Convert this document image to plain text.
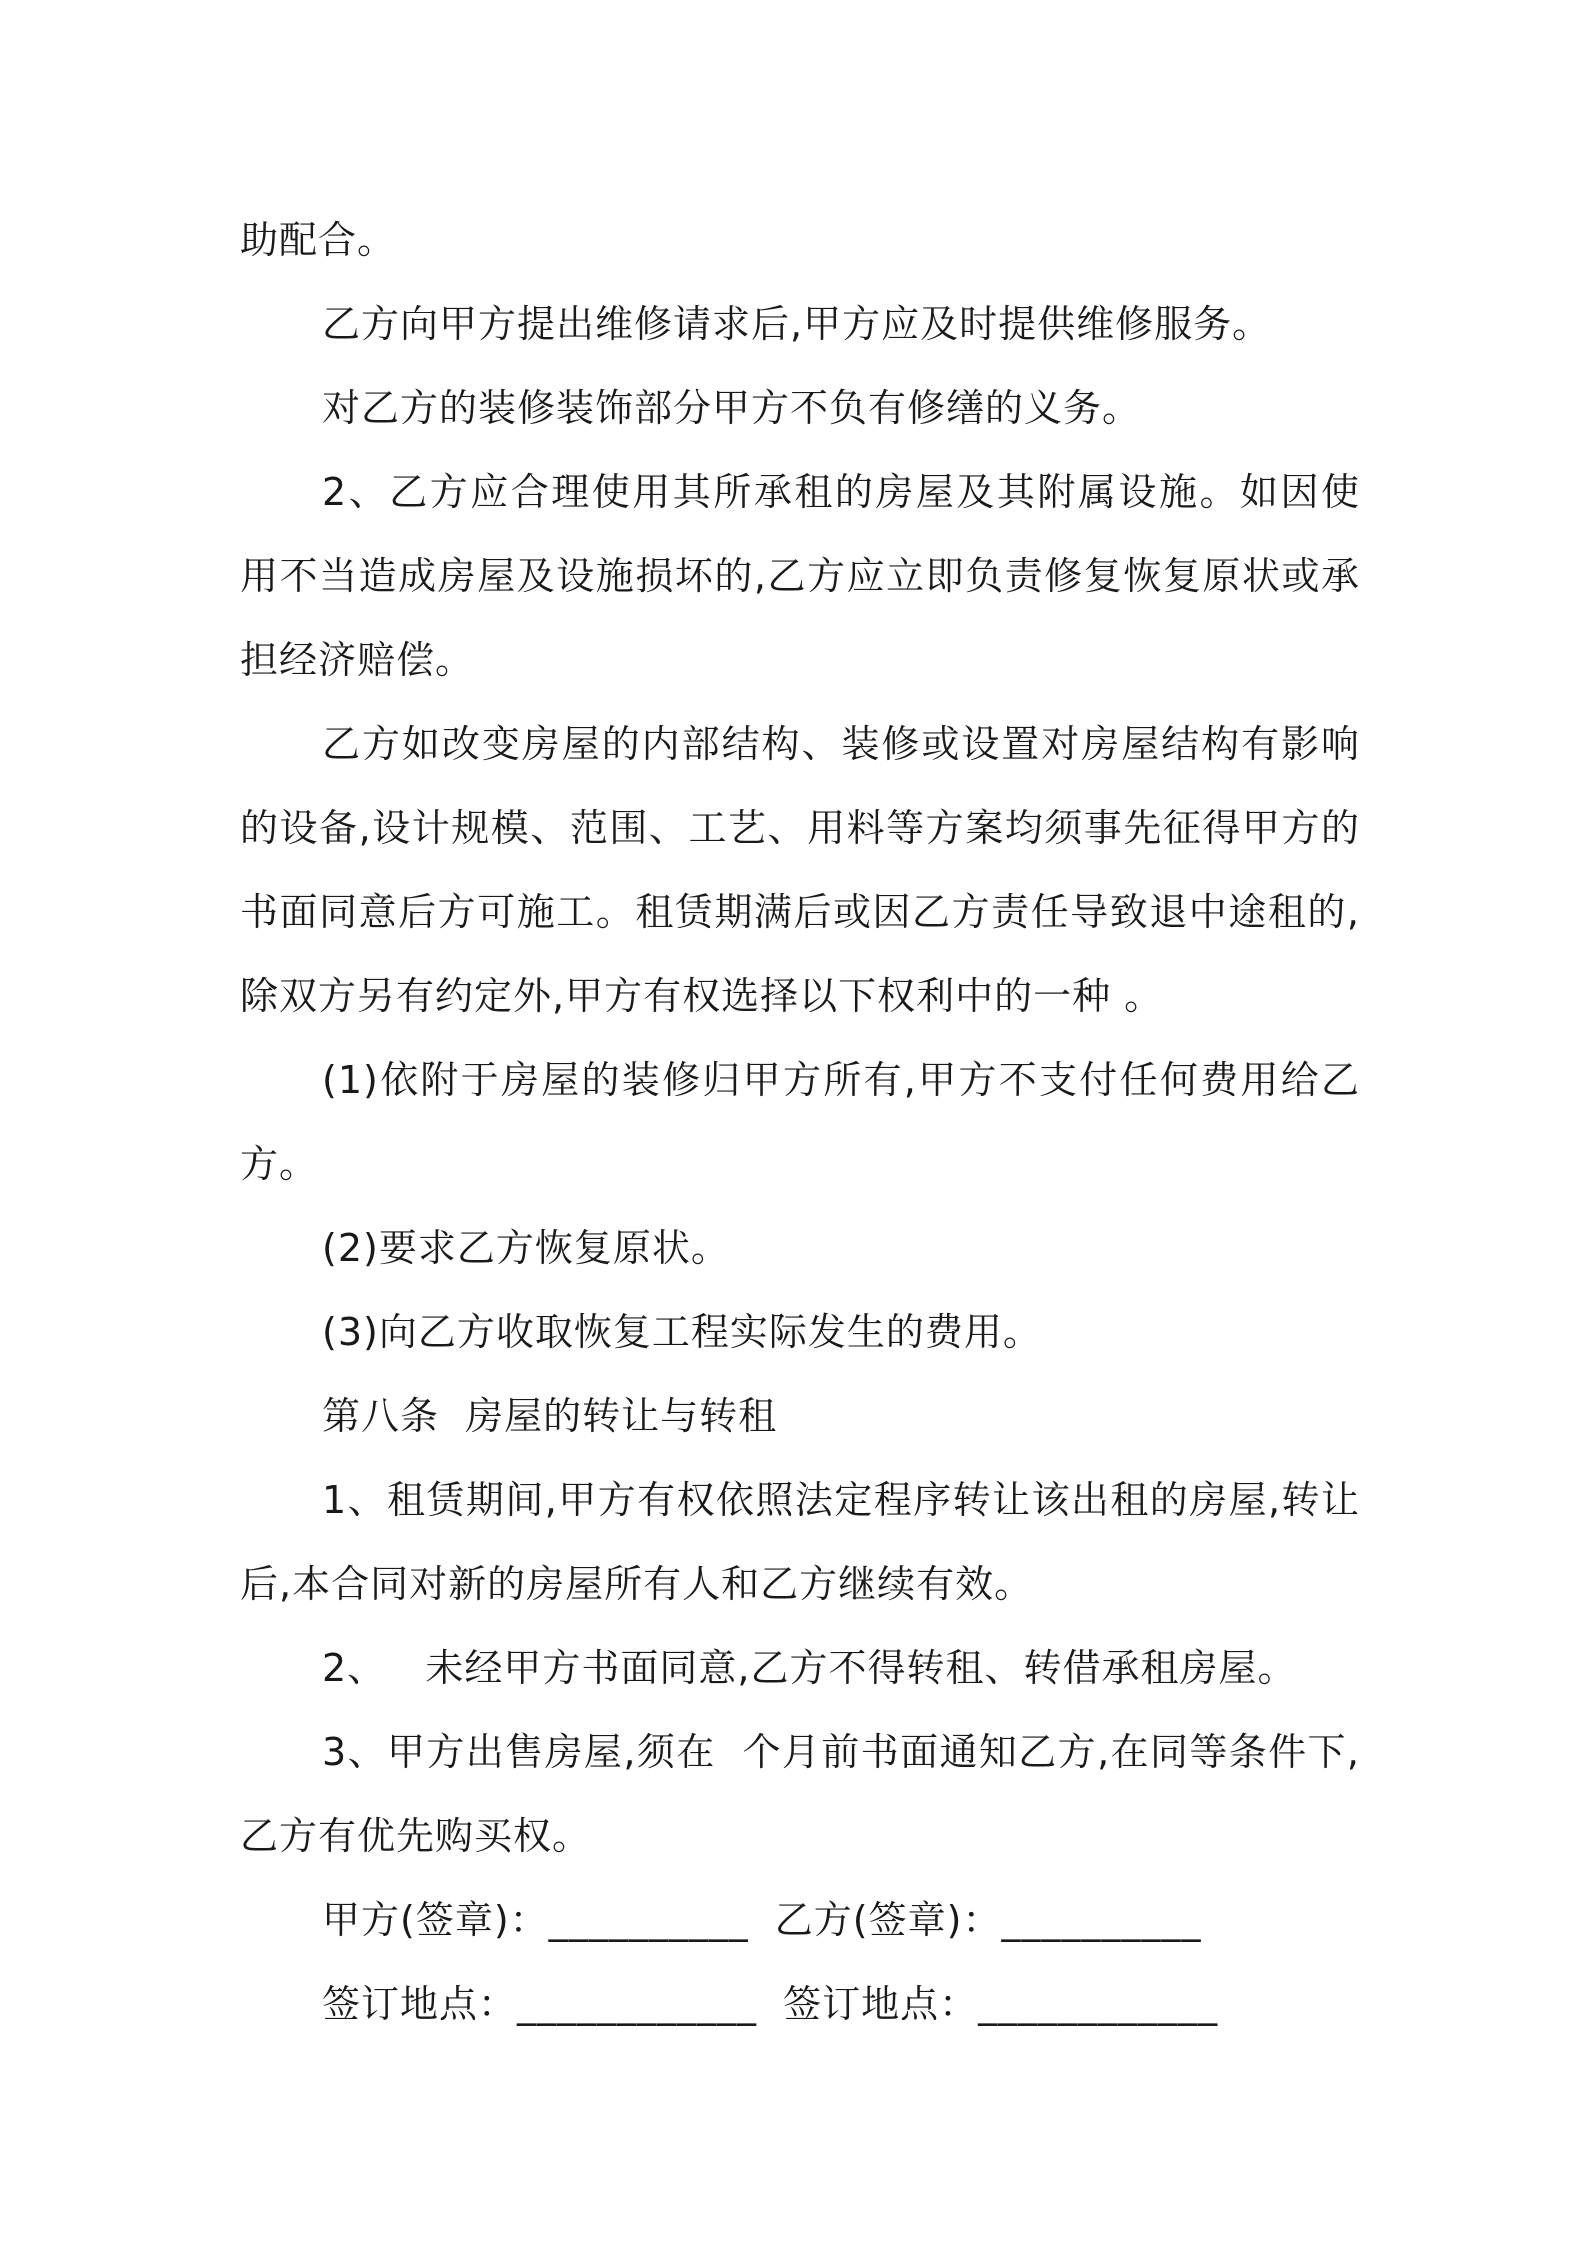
助配合。

乙方向甲方提出维修请求后,甲方应及时提供维修服务。

对乙方的装修装饰部分甲方不负有修缮的义务。

2、乙方应合理使用其所承租的房屋及其附属设施。如因使用不当造成房屋及设施损坏的,乙方应立即负责修复恢复原状或承担经济赔偿。

乙方如改变房屋的内部结构、装修或设置对房屋结构有影响的设备,设计规模、范围、工艺、用料等方案均须事先征得甲方的书面同意后方可施工。租赁期满后或因乙方责任导致退中途租的,除双方另有约定外,甲方有权选择以下权利中的一种 。

(1)依附于房屋的装修归甲方所有,甲方不支付任何费用给乙方。

(2)要求乙方恢复原状。

(3)向乙方收取恢复工程实际发生的费用。

第八条  房屋的转让与转租

1、租赁期间,甲方有权依照法定程序转让该出租的房屋,转让后,本合同对新的房屋所有人和乙方继续有效。

2、   未经甲方书面同意,乙方不得转租、转借承租房屋。

3、甲方出售房屋,须在  个月前书面通知乙方,在同等条件下,乙方有优先购买权。

甲方(签章)：__________  乙方(签章)：__________

签订地点：____________  签订地点：____________
